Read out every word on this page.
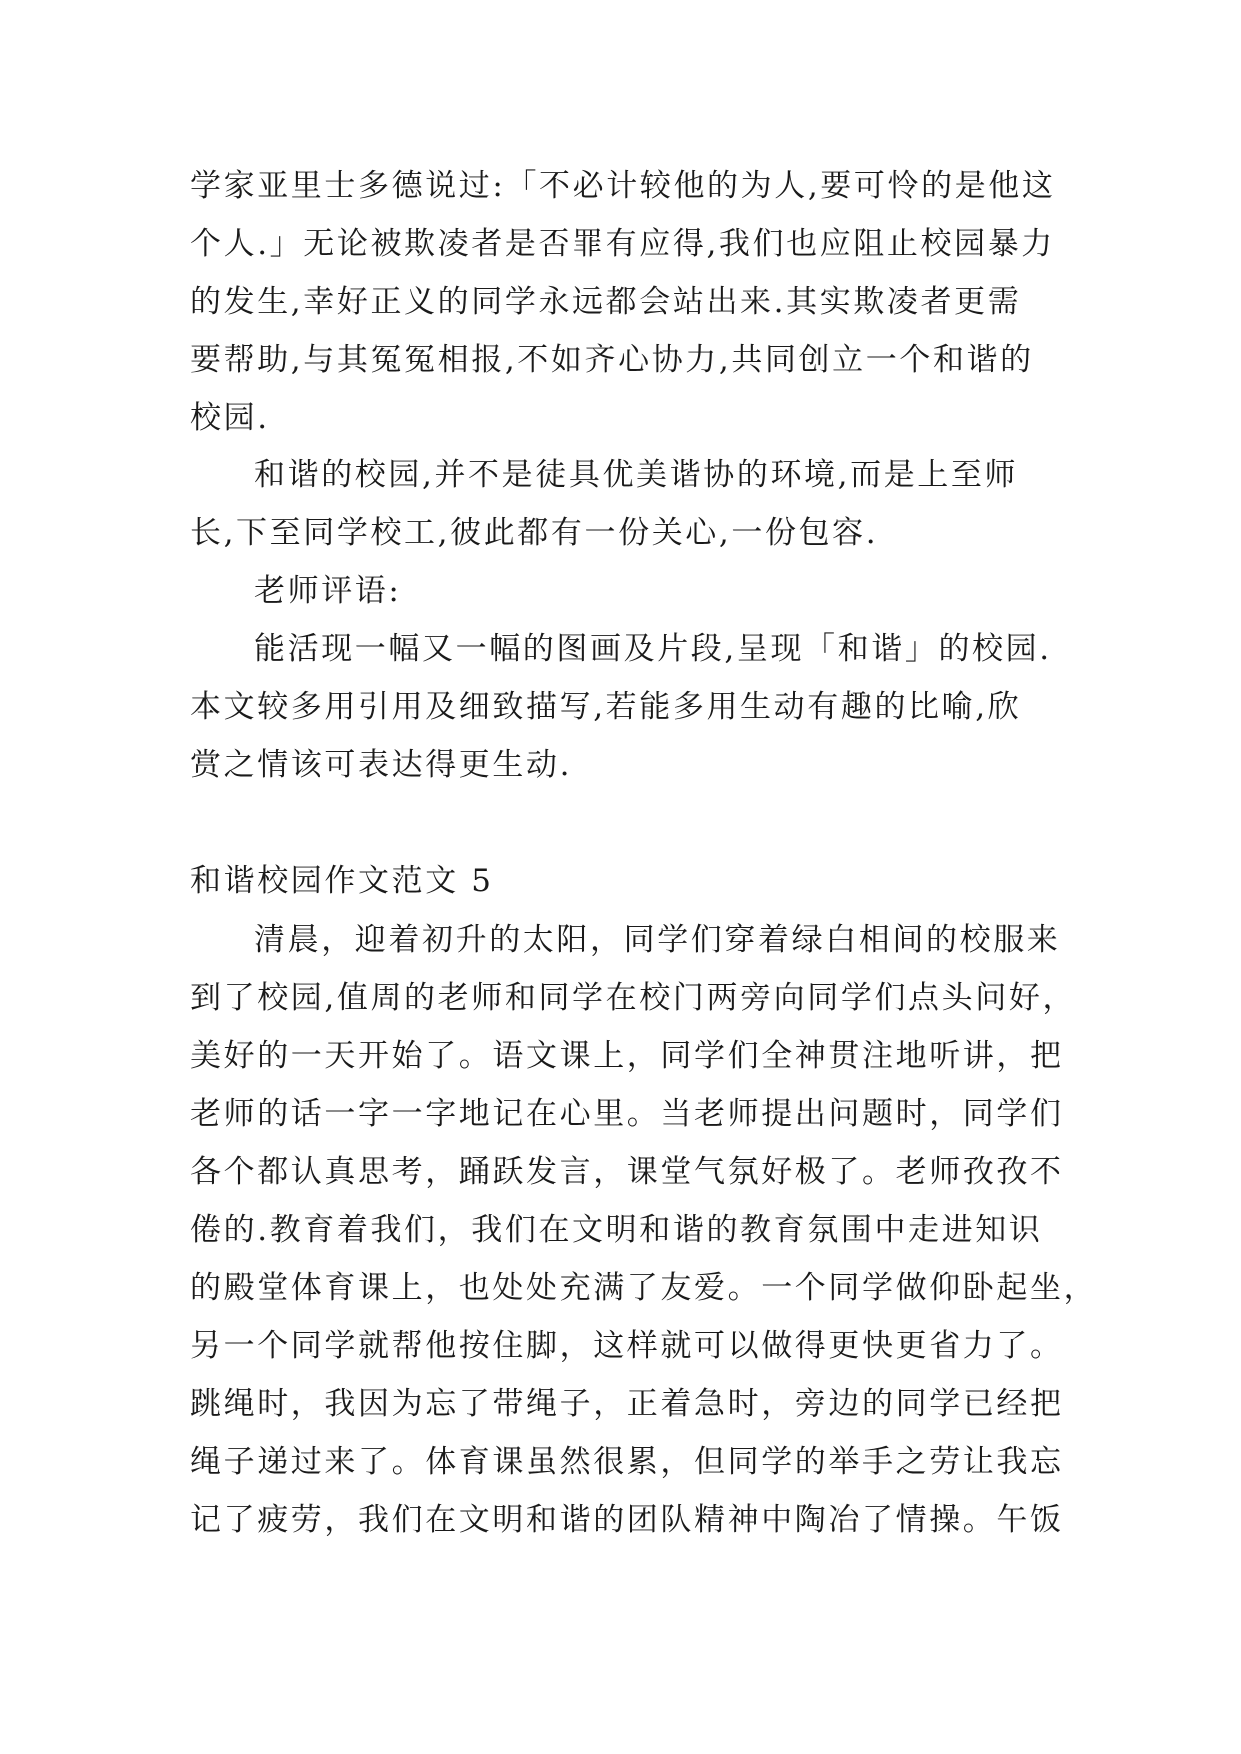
学家亚里士多德说过:「不必计较他的为人,要可怜的是他这

个人.」无论被欺凌者是否罪有应得,我们也应阻止校园暴力

的发生,幸好正义的同学永远都会站出来.其实欺凌者更需

要帮助,与其冤冤相报,不如齐心协力,共同创立一个和谐的

校园.

和谐的校园,并不是徒具优美谐协的环境,而是上至师

长,下至同学校工,彼此都有一份关心,一份包容.

老师评语:

能活现一幅又一幅的图画及片段,呈现「和谐」的校园.

本文较多用引用及细致描写,若能多用生动有趣的比喻,欣

赏之情该可表达得更生动.

和谐校园作文范文 5

清晨，迎着初升的太阳，同学们穿着绿白相间的校服来

到了校园,值周的老师和同学在校门两旁向同学们点头问好，

美好的一天开始了。语文课上，同学们全神贯注地听讲，把

老师的话一字一字地记在心里。当老师提出问题时，同学们

各个都认真思考，踊跃发言，课堂气氛好极了。老师孜孜不

倦的.教育着我们，我们在文明和谐的教育氛围中走进知识

的殿堂体育课上，也处处充满了友爱。一个同学做仰卧起坐，

另一个同学就帮他按住脚，这样就可以做得更快更省力了。

跳绳时，我因为忘了带绳子，正着急时，旁边的同学已经把

绳子递过来了。体育课虽然很累，但同学的举手之劳让我忘

记了疲劳，我们在文明和谐的团队精神中陶冶了情操。午饭
